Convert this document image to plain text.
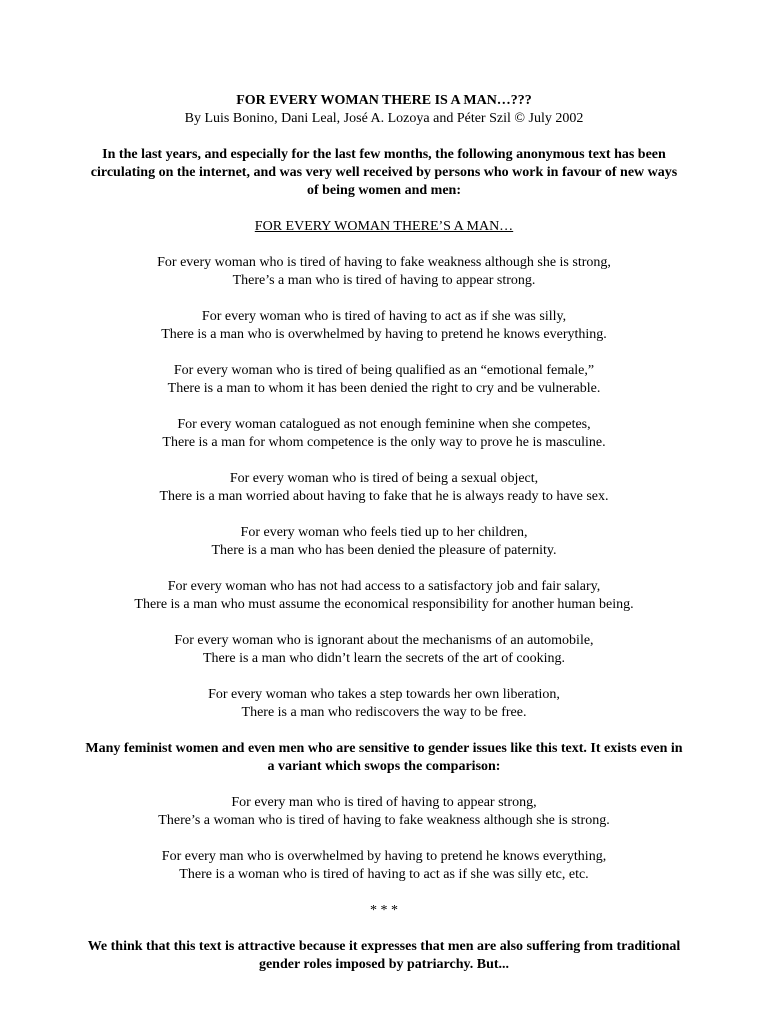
FOR EVERY WOMAN THERE IS A MAN…???

By Luis Bonino, Dani Leal, José A. Lozoya and Péter Szil © July 2002

In the last years, and especially for the last few months, the following anonymous text has been circulating on the internet, and was very well received by persons who work in favour of new ways of being women and men:

FOR EVERY WOMAN THERE’S A MAN…

For every woman who is tired of having to fake weakness although she is strong,
There’s a man who is tired of having to appear strong.
For every woman who is tired of having to act as if she was silly,
There is a man who is overwhelmed by having to pretend he knows everything.
For every woman who is tired of being qualified as an “emotional female,”
There is a man to whom it has been denied the right to cry and be vulnerable.
For every woman catalogued as not enough feminine when she competes,
There is a man for whom competence is the only way to prove he is masculine.
For every woman who is tired of being a sexual object,
There is a man worried about having to fake that he is always ready to have sex.
For every woman who feels tied up to her children,
There is a man who has been denied the pleasure of paternity.
For every woman who has not had access to a satisfactory job and fair salary,
There is a man who must assume the economical responsibility for another human being.
For every woman who is ignorant about the mechanisms of an automobile,
There is a man who didn’t learn the secrets of the art of cooking.
For every woman who takes a step towards her own liberation,
There is a man who rediscovers the way to be free.

Many feminist women and even men who are sensitive to gender issues like this text. It exists even in a variant which swops the comparison:

For every man who is tired of having to appear strong,
There’s a woman who is tired of having to fake weakness although she is strong.
For every man who is overwhelmed by having to pretend he knows everything,
There is a woman who is tired of having to act as if she was silly etc, etc.

* * *

We think that this text is attractive because it expresses that men are also suffering from traditional gender roles imposed by patriarchy. But...
